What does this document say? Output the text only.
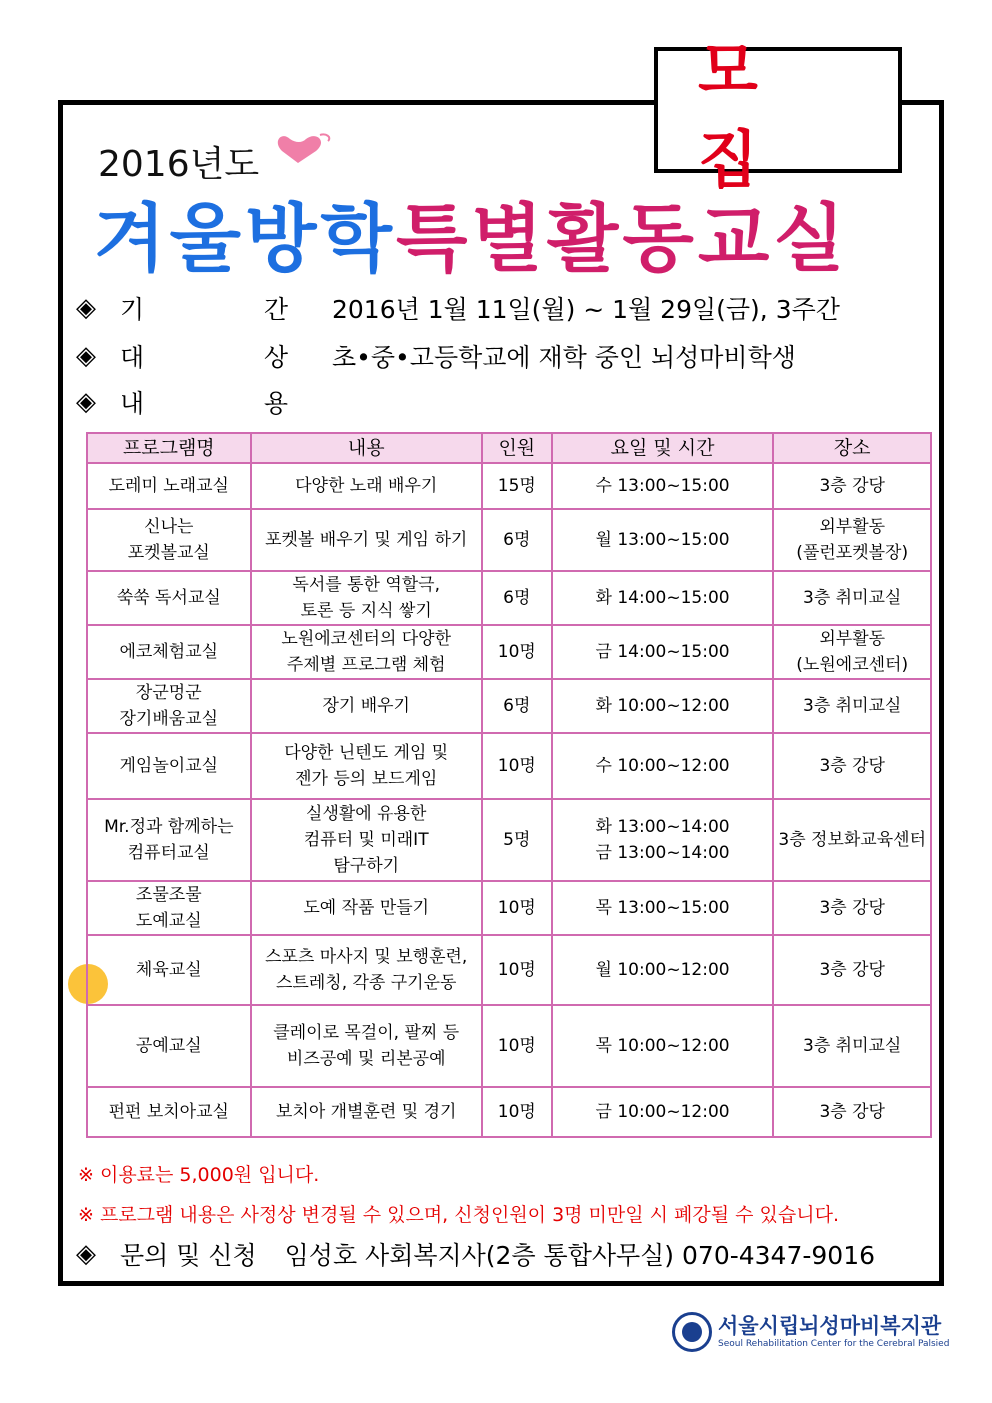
모 집
2016년도
겨울방학특별활동교실
◈ 기	간 2016년 1월 11일(월) ~ 1월 29일(금), 3주간
◈ 대	상 초•중•고등학교에 재학 중인 뇌성마비학생
◈ 내	용
프로그램명	내용	인원	요일 및 시간	장소
도레미 노래교실	다양한 노래 배우기	15명	수 13:00~15:00	3층 강당
신나는
포켓볼교실	포켓볼 배우기 및 게임 하기	6명	월 13:00~15:00	외부활동
(풀런포켓볼장)
쑥쑥 독서교실	독서를 통한 역할극,
토론 등 지식 쌓기	6명	화 14:00~15:00	3층 취미교실
에코체험교실	노원에코센터의 다양한
주제별 프로그램 체험	10명	금 14:00~15:00	외부활동
(노원에코센터)
장군멍군
장기배움교실	장기 배우기	6명	화 10:00~12:00	3층 취미교실
게임놀이교실	다양한 닌텐도 게임 및
젠가 등의 보드게임	10명	수 10:00~12:00	3층 강당
Mr.정과 함께하는
컴퓨터교실	실생활에 유용한
컴퓨터 및 미래IT
탐구하기	5명	화 13:00~14:00
금 13:00~14:00	3층 정보화교육센터
조물조물
도예교실	도예 작품 만들기	10명	목 13:00~15:00	3층 강당
체육교실	스포츠 마사지 및 보행훈련,
스트레칭, 각종 구기운동	10명	월 10:00~12:00	3층 강당
공예교실	클레이로 목걸이, 팔찌 등
비즈공예 및 리본공예	10명	목 10:00~12:00	3층 취미교실
펀펀 보치아교실	보치아 개별훈련 및 경기	10명	금 10:00~12:00	3층 강당
※ 이용료는 5,000원 입니다.
※ 프로그램 내용은 사정상 변경될 수 있으며, 신청인원이 3명 미만일 시 폐강될 수 있습니다.
◈ 문의 및 신청 임성호 사회복지사(2층 통합사무실) 070-4347-9016
서울시립뇌성마비복지관
Seoul Rehabilitation Center for the Cerebral Palsied
